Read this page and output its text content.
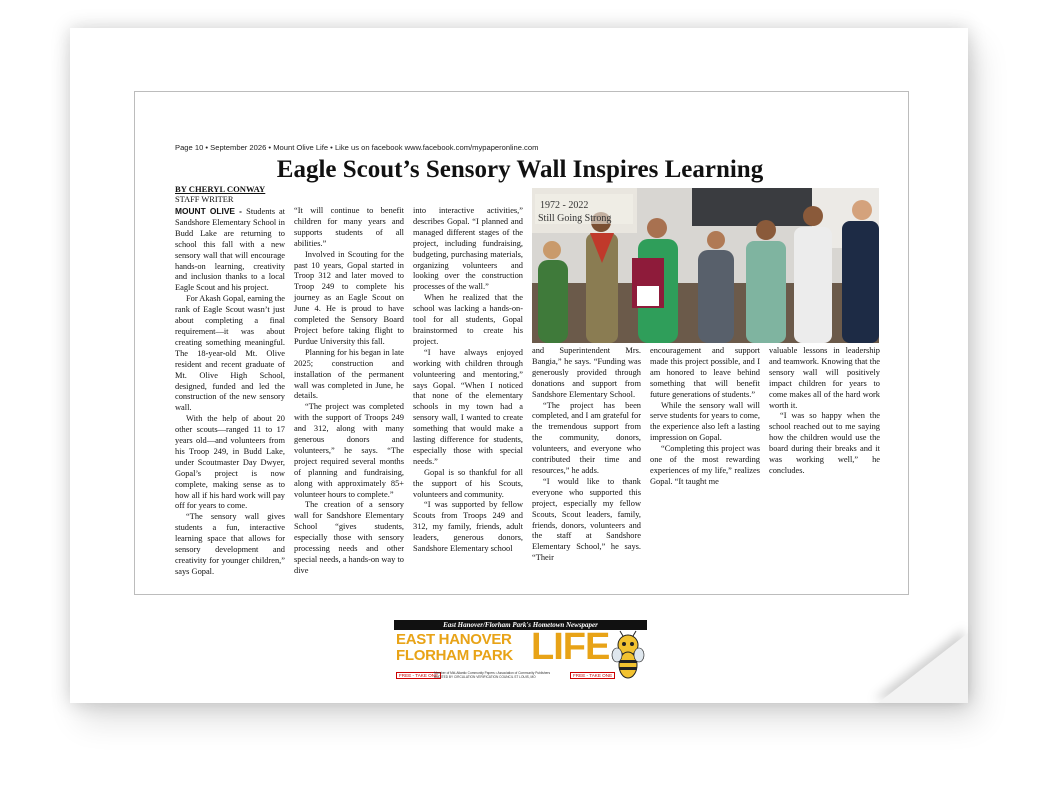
Page 10 • September 2026 • Mount Olive Life • Like us on facebook www.facebook.com/mypaperonline.com
Eagle Scout’s Sensory Wall Inspires Learning
BY CHERYL CONWAY
STAFF WRITER

MOUNT OLIVE - Students at Sandshore Elementary School in Budd Lake are returning to school this fall with a new sensory wall that will encourage hands-on learning, creativity and inclusion thanks to a local Eagle Scout and his project.

For Akash Gopal, earning the rank of Eagle Scout wasn’t just about completing a final requirement—it was about creating something meaningful. The 18-year-old Mt. Olive resident and recent graduate of Mt. Olive High School, designed, funded and led the construction of the new sensory wall.

With the help of about 20 other scouts—ranged 11 to 17 years old—and volunteers from his Troop 249, in Budd Lake, under Scoutmaster Day Dwyer, Gopal’s project is now complete, making sense as to how all if his hard work will pay off for years to come.

“The sensory wall gives students a fun, interactive learning space that allows for sensory development and creativity for younger children,” says Gopal.

“It will continue to benefit children for many years and supports students of all abilities.”

Involved in Scouting for the past 10 years, Gopal started in Troop 312 and later moved to Troop 249 to complete his journey as an Eagle Scout on June 4. He is proud to have completed the Sensory Board Project before taking flight to Purdue University this fall.

Planning for his began in late 2025; construction and installation of the permanent wall was completed in June, he details.

“The project was completed with the support of Troops 249 and 312, along with many generous donors and volunteers,” he says. “The project required several months of planning and fundraising, along with approximately 85+ volunteer hours to complete.”

The creation of a sensory wall for Sandshore Elementary School “gives students, especially those with sensory processing needs and other special needs, a hands-on way to dive

into interactive activities,” describes Gopal. “I planned and managed different stages of the project, including fundraising, budgeting, purchasing materials, organizing volunteers and looking over the construction processes of the wall.”

When he realized that the school was lacking a hands-on-tool for all students, Gopal brainstormed to create his project.

“I have always enjoyed working with children through volunteering and mentoring,” says Gopal. “When I noticed that none of the elementary schools in my town had a sensory wall, I wanted to create something that would make a lasting difference for students, especially those with special needs.”

Gopal is so thankful for all the support of his Scouts, volunteers and community.

“I was supported by fellow Scouts from Troops 249 and 312, my family, friends, adult leaders, generous donors, Sandshore Elementary school

1972 - 2022
Still Going Strong

and Superintendent Mrs. Bangia,” he says. “Funding was generously provided through donations and support from Sandshore Elementary School.

“The project has been completed, and I am grateful for the tremendous support from the community, donors, volunteers, and everyone who contributed their time and resources,” he adds.

“I would like to thank everyone who supported this project, especially my fellow Scouts, Scout leaders, family, friends, donors, volunteers and the staff at Sandshore Elementary School,” he says. “Their

encouragement and support made this project possible, and I am honored to leave behind something that will benefit future generations of students.”

While the sensory wall will serve students for years to come, the experience also left a lasting impression on Gopal.

“Completing this project was one of the most rewarding experiences of my life,” realizes Gopal. “It taught me

valuable lessons in leadership and teamwork. Knowing that the sensory wall will positively impact children for years to come makes all of the hard work worth it.

“I was so happy when the school reached out to me saying how the children would use the board during their breaks and it was working well,” he concludes.

East Hanover/Florham Park's Hometown Newspaper
EAST HANOVER
FLORHAM PARK LIFE
FREE - TAKE ONE
Member of Mid-Atlantic Community Papers • Association of Community Publishers AUDITED BY CIRCULATION VERIFICATION COUNCIL ST LOUIS, MO	FREE - TAKE ONE
